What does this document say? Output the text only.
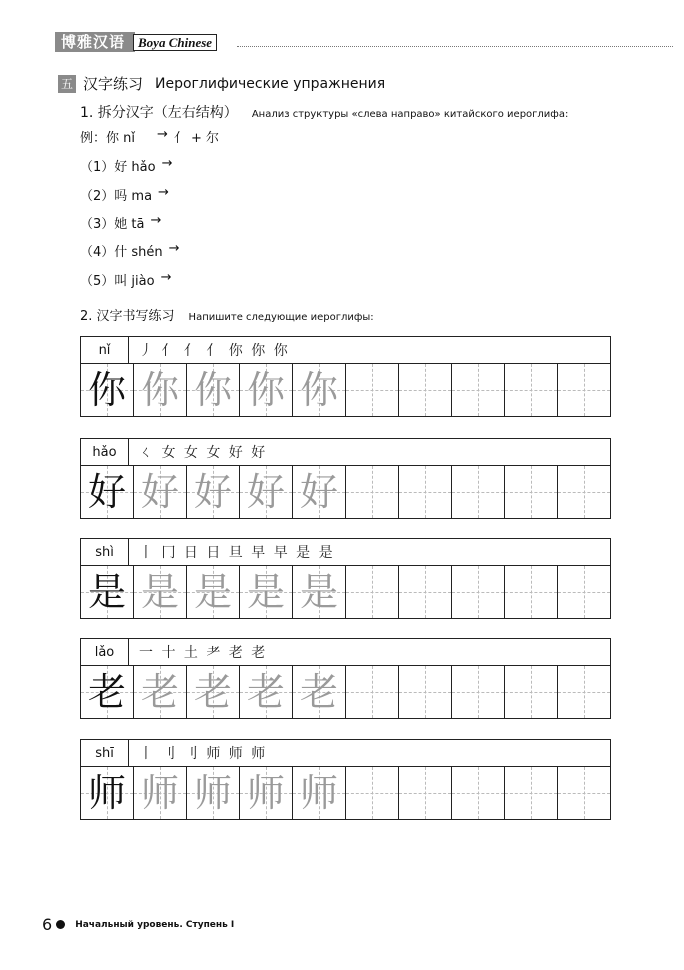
博雅汉语	Boya Chinese
五 汉字练习 Иероглифические упражнения
1. 拆分汉字（左右结构） Анализ структуры «слева направо» китайского иероглифа:
例：你 nǐ → 亻 + 尔
（1）好 hǎo →
（2）吗 ma →
（3）她 tā →
（4）什 shén →
（5）叫 jiào →
2. 汉字书写练习 Напишите следующие иероглифы:
nǐ	丿 亻 亻 亻 你 你 你
你 你 你 你 你
hǎo	ㄑ 女 女 女 好 好
好 好 好 好 好
shì	丨 冂 日 日 旦 早 早 是 是
是 是 是 是 是
lǎo	一 十 土 耂 老 老
老 老 老 老 老
shī	丨 刂 刂 师 师 师
师 师 师 师 师
6	Начальный уровень. Ступень I
